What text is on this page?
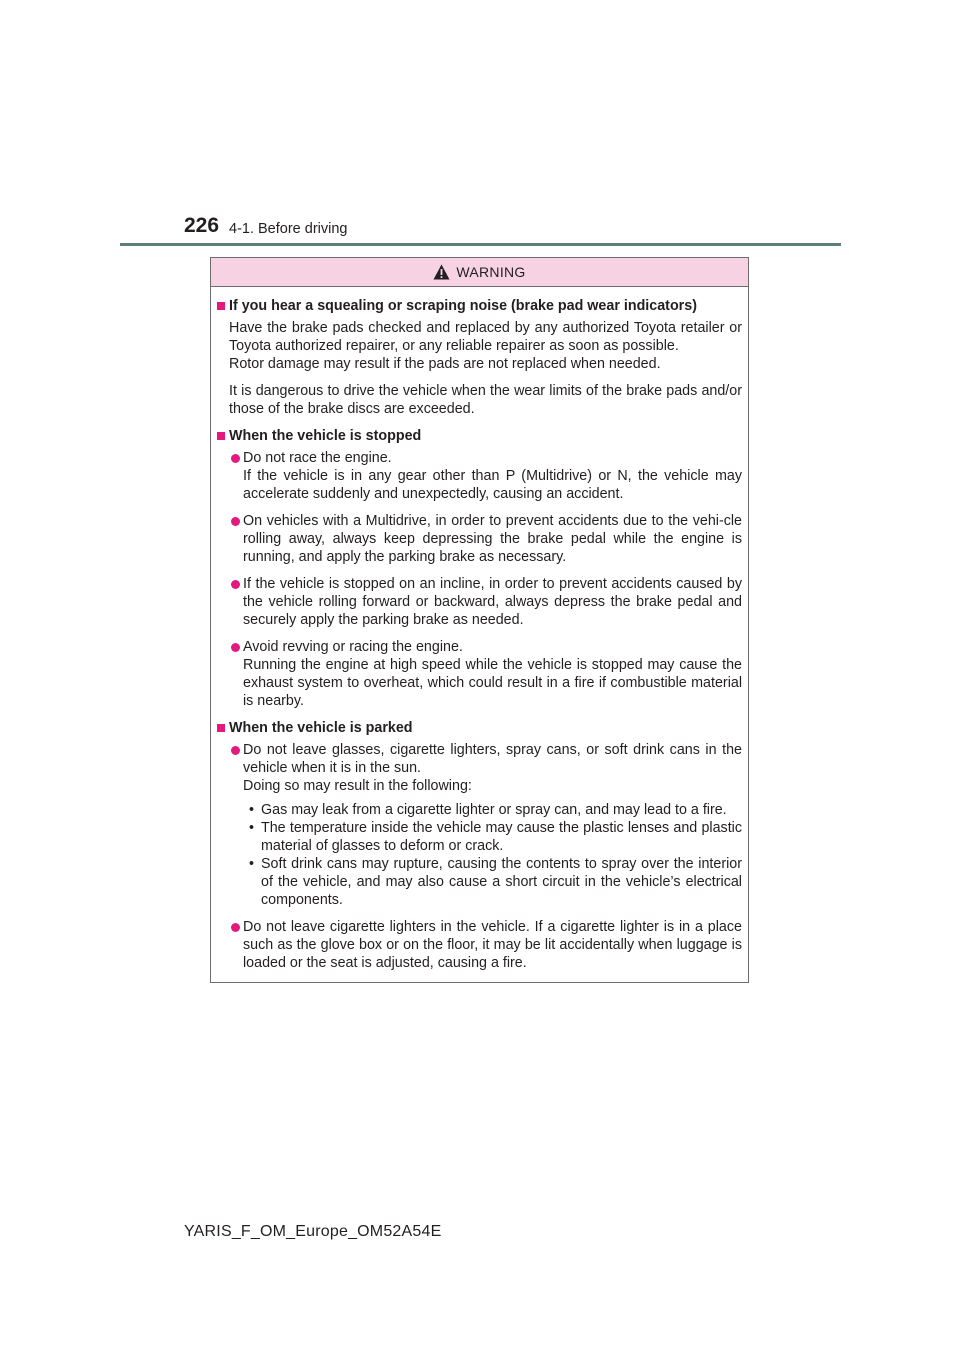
226 4-1. Before driving
WARNING
If you hear a squealing or scraping noise (brake pad wear indicators)

Have the brake pads checked and replaced by any authorized Toyota retailer or Toyota authorized repairer, or any reliable repairer as soon as possible.

Rotor damage may result if the pads are not replaced when needed.

It is dangerous to drive the vehicle when the wear limits of the brake pads and/or those of the brake discs are exceeded.

When the vehicle is stopped

Do not race the engine.

If the vehicle is in any gear other than P (Multidrive) or N, the vehicle may accelerate suddenly and unexpectedly, causing an accident.

On vehicles with a Multidrive, in order to prevent accidents due to the vehi-cle rolling away, always keep depressing the brake pedal while the engine is running, and apply the parking brake as necessary.

If the vehicle is stopped on an incline, in order to prevent accidents caused by the vehicle rolling forward or backward, always depress the brake pedal and securely apply the parking brake as needed.

Avoid revving or racing the engine.

Running the engine at high speed while the vehicle is stopped may cause the exhaust system to overheat, which could result in a fire if combustible material is nearby.

When the vehicle is parked

Do not leave glasses, cigarette lighters, spray cans, or soft drink cans in the vehicle when it is in the sun.

Doing so may result in the following:

• Gas may leak from a cigarette lighter or spray can, and may lead to a fire.
• The temperature inside the vehicle may cause the plastic lenses and plastic material of glasses to deform or crack.
• Soft drink cans may rupture, causing the contents to spray over the interior of the vehicle, and may also cause a short circuit in the vehicle’s electrical components.

Do not leave cigarette lighters in the vehicle. If a cigarette lighter is in a place such as the glove box or on the floor, it may be lit accidentally when luggage is loaded or the seat is adjusted, causing a fire.

YARIS_F_OM_Europe_OM52A54E
